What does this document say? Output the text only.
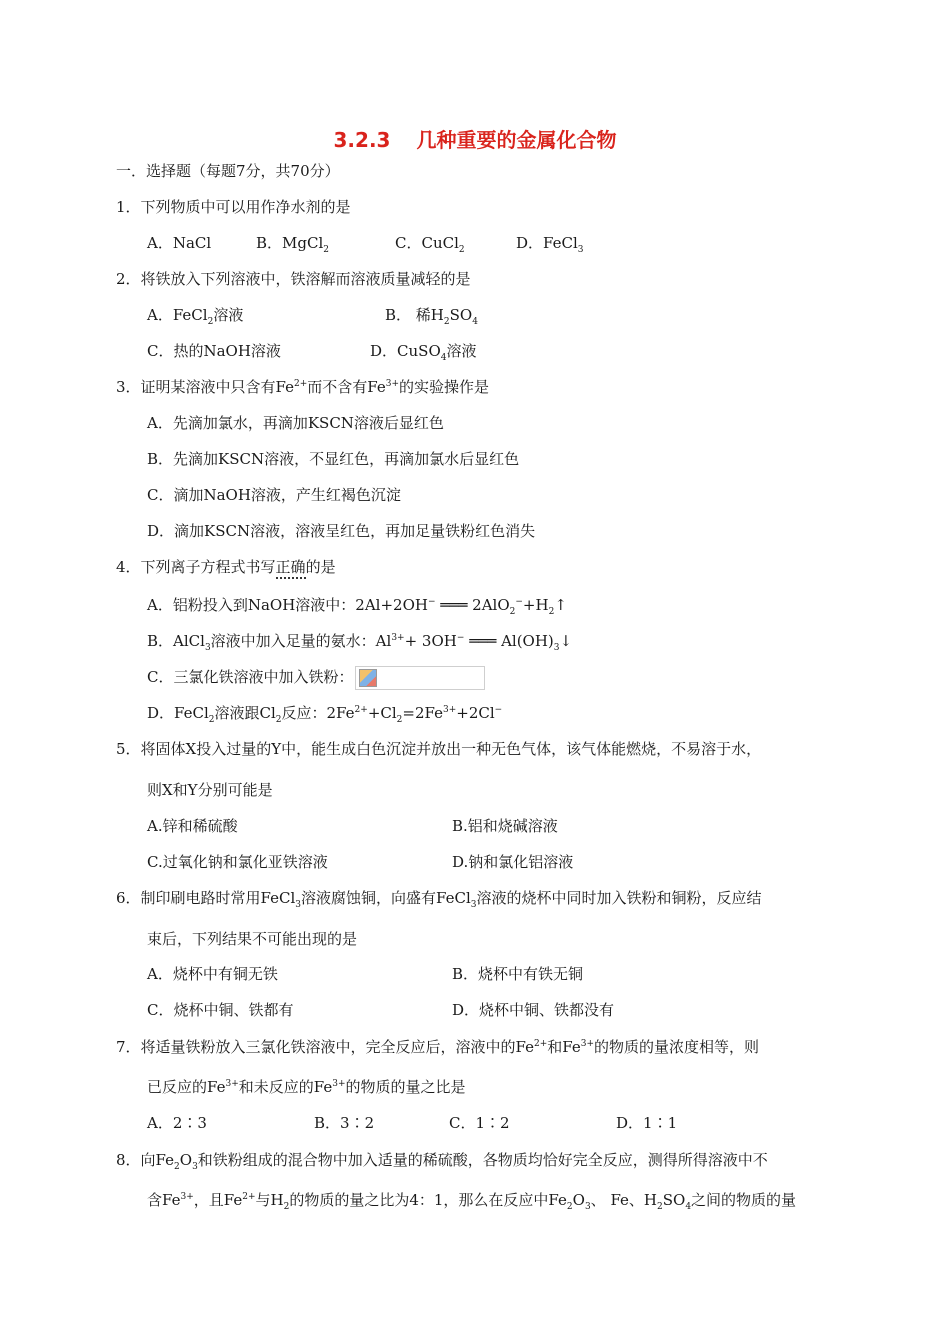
3.2.3 几种重要的金属化合物
一．选择题（每题7分，共70分）
1．下列物质中可以用作净水剂的是
A．NaCl	B．MgCl$_2$	C．CuCl$_2$	D．FeCl$_3$
2．将铁放入下列溶液中，铁溶解而溶液质量减轻的是
A．FeCl$_2$溶液	B． 稀$H_2SO_4$
C．热的NaOH溶液	D．CuSO$_4$溶液
3．证明某溶液中只含有$Fe^{2+}$而不含有$Fe^{3+}$的实验操作是
A．先滴加氯水，再滴加KSCN溶液后显红色
B．先滴加KSCN溶液，不显红色，再滴加氯水后显红色
C．滴加NaOH溶液，产生红褐色沉淀
D．滴加KSCN溶液，溶液呈红色，再加足量铁粉红色消失
4．下列离子方程式书写正确的是
A．铝粉投入到NaOH溶液中：2Al+2OH− ═══ $2AlO_2^-+H_2↑$
B．AlCl$_3$溶液中加入足量的氨水：$Al^{3+}+ 3OH^-$ ═══ $Al(OH)_3↓$
C．三氯化铁溶液中加入铁粉：
D．FeCl$_2$溶液跟$Cl_2$反应：$2Fe^{2+}+Cl_2=2Fe^{3+}+2Cl^-$
5．将固体X投入过量的Y中，能生成白色沉淀并放出一种无色气体，该气体能燃烧，不易溶于水，
则X和Y分别可能是
A.锌和稀硫酸	B.铝和烧碱溶液
C.过氧化钠和氯化亚铁溶液	D.钠和氯化铝溶液
6．制印刷电路时常用FeCl$_3$溶液腐蚀铜，向盛有FeCl$_3$溶液的烧杯中同时加入铁粉和铜粉，反应结
束后，下列结果不可能出现的是
A．烧杯中有铜无铁	B．烧杯中有铁无铜
C．烧杯中铜、铁都有	D．烧杯中铜、铁都没有
7．将适量铁粉放入三氯化铁溶液中，完全反应后，溶液中的$Fe^{2+}$和$Fe^{3+}$的物质的量浓度相等，则
已反应的$Fe^{3+}$和未反应的$Fe^{3+}$的物质的量之比是
A．2∶3	B．3∶2	C．1∶2	D．1∶1
8．向$Fe_2O_3$和铁粉组成的混合物中加入适量的稀硫酸，各物质均恰好完全反应，测得所得溶液中不
含$Fe^{3+}$，且$Fe^{2+}$与$H_2$的物质的量之比为4：1，那么在反应中$Fe_2O_3$、 Fe、$H_2SO_4$之间的物质的量
